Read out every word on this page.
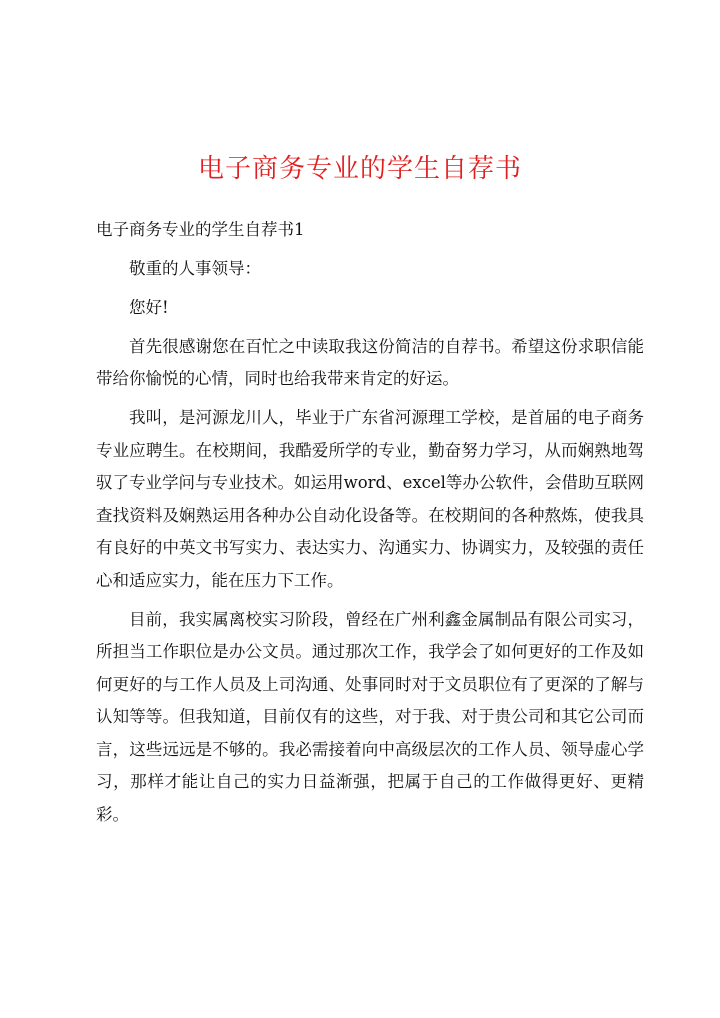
电子商务专业的学生自荐书
电子商务专业的学生自荐书1

敬重的人事领导：

您好!

首先很感谢您在百忙之中读取我这份简洁的自荐书。希望这份求职信能带给你愉悦的心情，同时也给我带来肯定的好运。

我叫，是河源龙川人，毕业于广东省河源理工学校，是首届的电子商务专业应聘生。在校期间，我酷爱所学的专业，勤奋努力学习，从而娴熟地驾驭了专业学问与专业技术。如运用word、excel等办公软件，会借助互联网查找资料及娴熟运用各种办公自动化设备等。在校期间的各种熬炼，使我具有良好的中英文书写实力、表达实力、沟通实力、协调实力，及较强的责任心和适应实力，能在压力下工作。

目前，我实属离校实习阶段，曾经在广州利鑫金属制品有限公司实习，所担当工作职位是办公文员。通过那次工作，我学会了如何更好的工作及如何更好的与工作人员及上司沟通、处事同时对于文员职位有了更深的了解与认知等等。但我知道，目前仅有的这些，对于我、对于贵公司和其它公司而言，这些远远是不够的。我必需接着向中高级层次的工作人员、领导虚心学习，那样才能让自己的实力日益渐强，把属于自己的工作做得更好、更精彩。
